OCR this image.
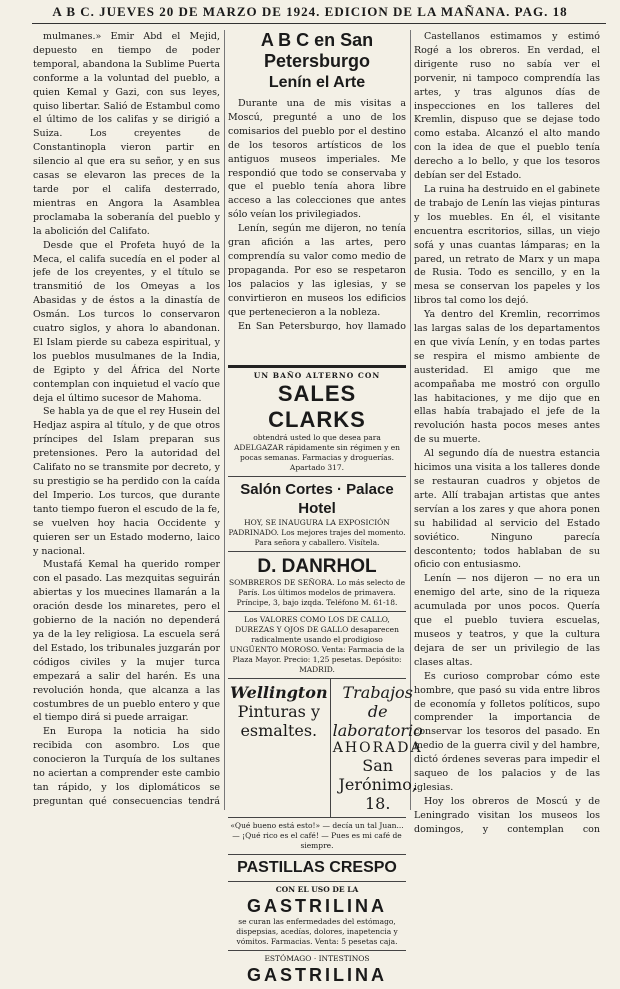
A B C. JUEVES 20 DE MARZO DE 1924. EDICION DE LA MAÑANA. PAG. 18

mulmanes.» Emir Abd el Mejid, depuesto en tiempo de poder temporal, abandona la Sublime Puerta conforme a la voluntad del pueblo, a quien Kemal y Gazi, con sus leyes, quiso libertar. Salió de Estambul como el último de los califas y se dirigió a Suiza. Los creyentes de Constantinopla vieron partir en silencio al que era su señor, y en sus casas se elevaron las preces de la tarde por el califa desterrado, mientras en Angora la Asamblea proclamaba la soberanía del pueblo y la abolición del Califato.

Desde que el Profeta huyó de la Meca, el califa sucedía en el poder al jefe de los creyentes, y el título se transmitió de los Omeyas a los Abasidas y de éstos a la dinastía de Osmán. Los turcos lo conservaron cuatro siglos, y ahora lo abandonan. El Islam pierde su cabeza espiritual, y los pueblos musulmanes de la India, de Egipto y del África del Norte contemplan con inquietud el vacío que deja el último sucesor de Mahoma.

Se habla ya de que el rey Husein del Hedjaz aspira al título, y de que otros príncipes del Islam preparan sus pretensiones. Pero la autoridad del Califato no se transmite por decreto, y su prestigio se ha perdido con la caída del Imperio. Los turcos, que durante tanto tiempo fueron el escudo de la fe, se vuelven hoy hacia Occidente y quieren ser un Estado moderno, laico y nacional.

Mustafá Kemal ha querido romper con el pasado. Las mezquitas seguirán abiertas y los muecines llamarán a la oración desde los minaretes, pero el gobierno de la nación no dependerá ya de la ley religiosa. La escuela será del Estado, los tribunales juzgarán por códigos civiles y la mujer turca empezará a salir del harén. Es una revolución honda, que alcanza a las costumbres de un pueblo entero y que el tiempo dirá si puede arraigar.

En Europa la noticia ha sido recibida con asombro. Los que conocieron la Turquía de los sultanes no aciertan a comprender este cambio tan rápido, y los diplomáticos se preguntan qué consecuencias tendrá

A B C en San Petersburgo
Lenín el Arte

Durante una de mis visitas a Moscú, pregunté a uno de los comisarios del pueblo por el destino de los tesoros artísticos de los antiguos museos imperiales. Me respondió que todo se conservaba y que el pueblo tenía ahora libre acceso a las colecciones que antes sólo veían los privilegiados.

Lenín, según me dijeron, no tenía gran afición a las artes, pero comprendía su valor como medio de propaganda. Por eso se respetaron los palacios y las iglesias, y se convirtieron en museos los edificios que pertenecieron a la nobleza.

En San Petersburgo, hoy llamado

UN BAÑO ALTERNO CON
SALES CLARKS
obtendrá usted lo que desea para ADELGAZAR rápidamente sin régimen y en pocas semanas. Farmacias y droguerías. Apartado 317.
Salón Cortes · Palace Hotel
HOY, SE INAUGURA LA EXPOSICIÓN PADRINADO. Los mejores trajes del momento. Para señora y caballero. Visítela.
D. DANRHOL
SOMBREROS DE SEÑORA. Lo más selecto de París. Los últimos modelos de primavera. Príncipe, 3, bajo izqda. Teléfono M. 61-18.
Los VALORES COMO LOS DE CALLO, DUREZAS Y OJOS DE GALLO desaparecen radicalmente usando el prodigioso UNGÜENTO MOROSO. Venta: Farmacia de la Plaza Mayor. Precio: 1,25 pesetas. Depósito: MADRID.
Wellington
Pinturas y esmaltes.
Trabajos de laboratorio
AHORADA
San Jerónimo, 18.
«Qué bueno está esto!» — decía un tal Juan... — ¡Qué rico es el café! — Pues es mi café de siempre.
PASTILLAS CRESPO
CON EL USO DE LA
GASTRILINA
se curan las enfermedades del estómago, dispepsias, acedías, dolores, inapetencia y vómitos. Farmacias. Venta: 5 pesetas caja.
ESTÓMAGO · INTESTINOS
GASTRILINA

Castellanos estimamos y estimó Rogé a los obreros. En verdad, el dirigente ruso no sabía ver el porvenir, ni tampoco comprendía las artes, y tras algunos días de inspecciones en los talleres del Kremlin, dispuso que se dejase todo como estaba. Alcanzó el alto mando con la idea de que el pueblo tenía derecho a lo bello, y que los tesoros debían ser del Estado.

La ruina ha destruido en el gabinete de trabajo de Lenín las viejas pinturas y los muebles. En él, el visitante encuentra escritorios, sillas, un viejo sofá y unas cuantas lámparas; en la pared, un retrato de Marx y un mapa de Rusia. Todo es sencillo, y en la mesa se conservan los papeles y los libros tal como los dejó.

Ya dentro del Kremlin, recorrimos las largas salas de los departamentos en que vivía Lenín, y en todas partes se respira el mismo ambiente de austeridad. El amigo que me acompañaba me mostró con orgullo las habitaciones, y me dijo que en ellas había trabajado el jefe de la revolución hasta pocos meses antes de su muerte.

Al segundo día de nuestra estancia hicimos una visita a los talleres donde se restauran cuadros y objetos de arte. Allí trabajan artistas que antes servían a los zares y que ahora ponen su habilidad al servicio del Estado soviético. Ninguno parecía descontento; todos hablaban de su oficio con entusiasmo.

Lenín — nos dijeron — no era un enemigo del arte, sino de la riqueza acumulada por unos pocos. Quería que el pueblo tuviera escuelas, museos y teatros, y que la cultura dejara de ser un privilegio de las clases altas.

Es curioso comprobar cómo este hombre, que pasó su vida entre libros de economía y folletos políticos, supo comprender la importancia de conservar los tesoros del pasado. En medio de la guerra civil y del hambre, dictó órdenes severas para impedir el saqueo de los palacios y de las iglesias.

Hoy los obreros de Moscú y de Leningrado visitan los museos los domingos, y contemplan con
